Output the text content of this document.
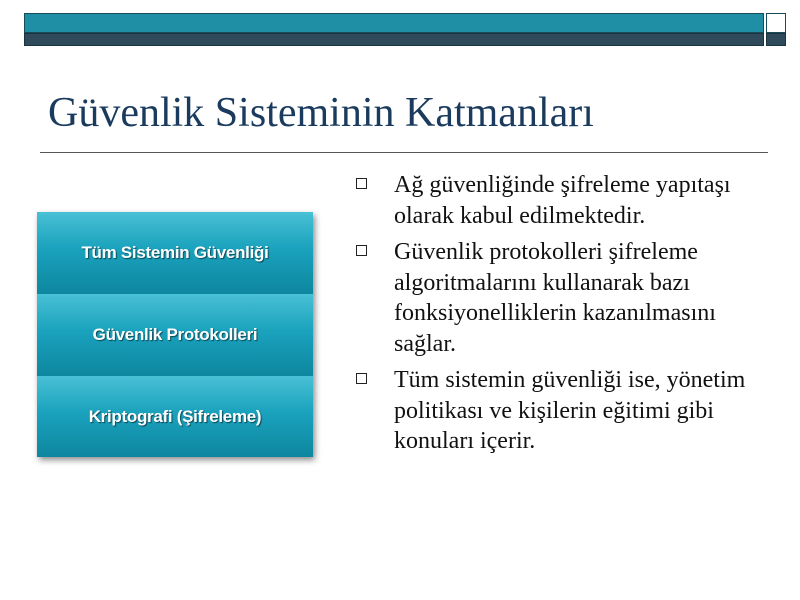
Güvenlik Sisteminin Katmanları
Tüm Sistemin Güvenliği
Güvenlik Protokolleri
Kriptografi (Şifreleme)
Ağ güvenliğinde şifreleme yapıtaşı olarak kabul edilmektedir.
Güvenlik protokolleri şifreleme algoritmalarını kullanarak bazı fonksiyonelliklerin kazanılmasını sağlar.
Tüm sistemin güvenliği ise, yönetim politikası ve kişilerin eğitimi gibi konuları içerir.
